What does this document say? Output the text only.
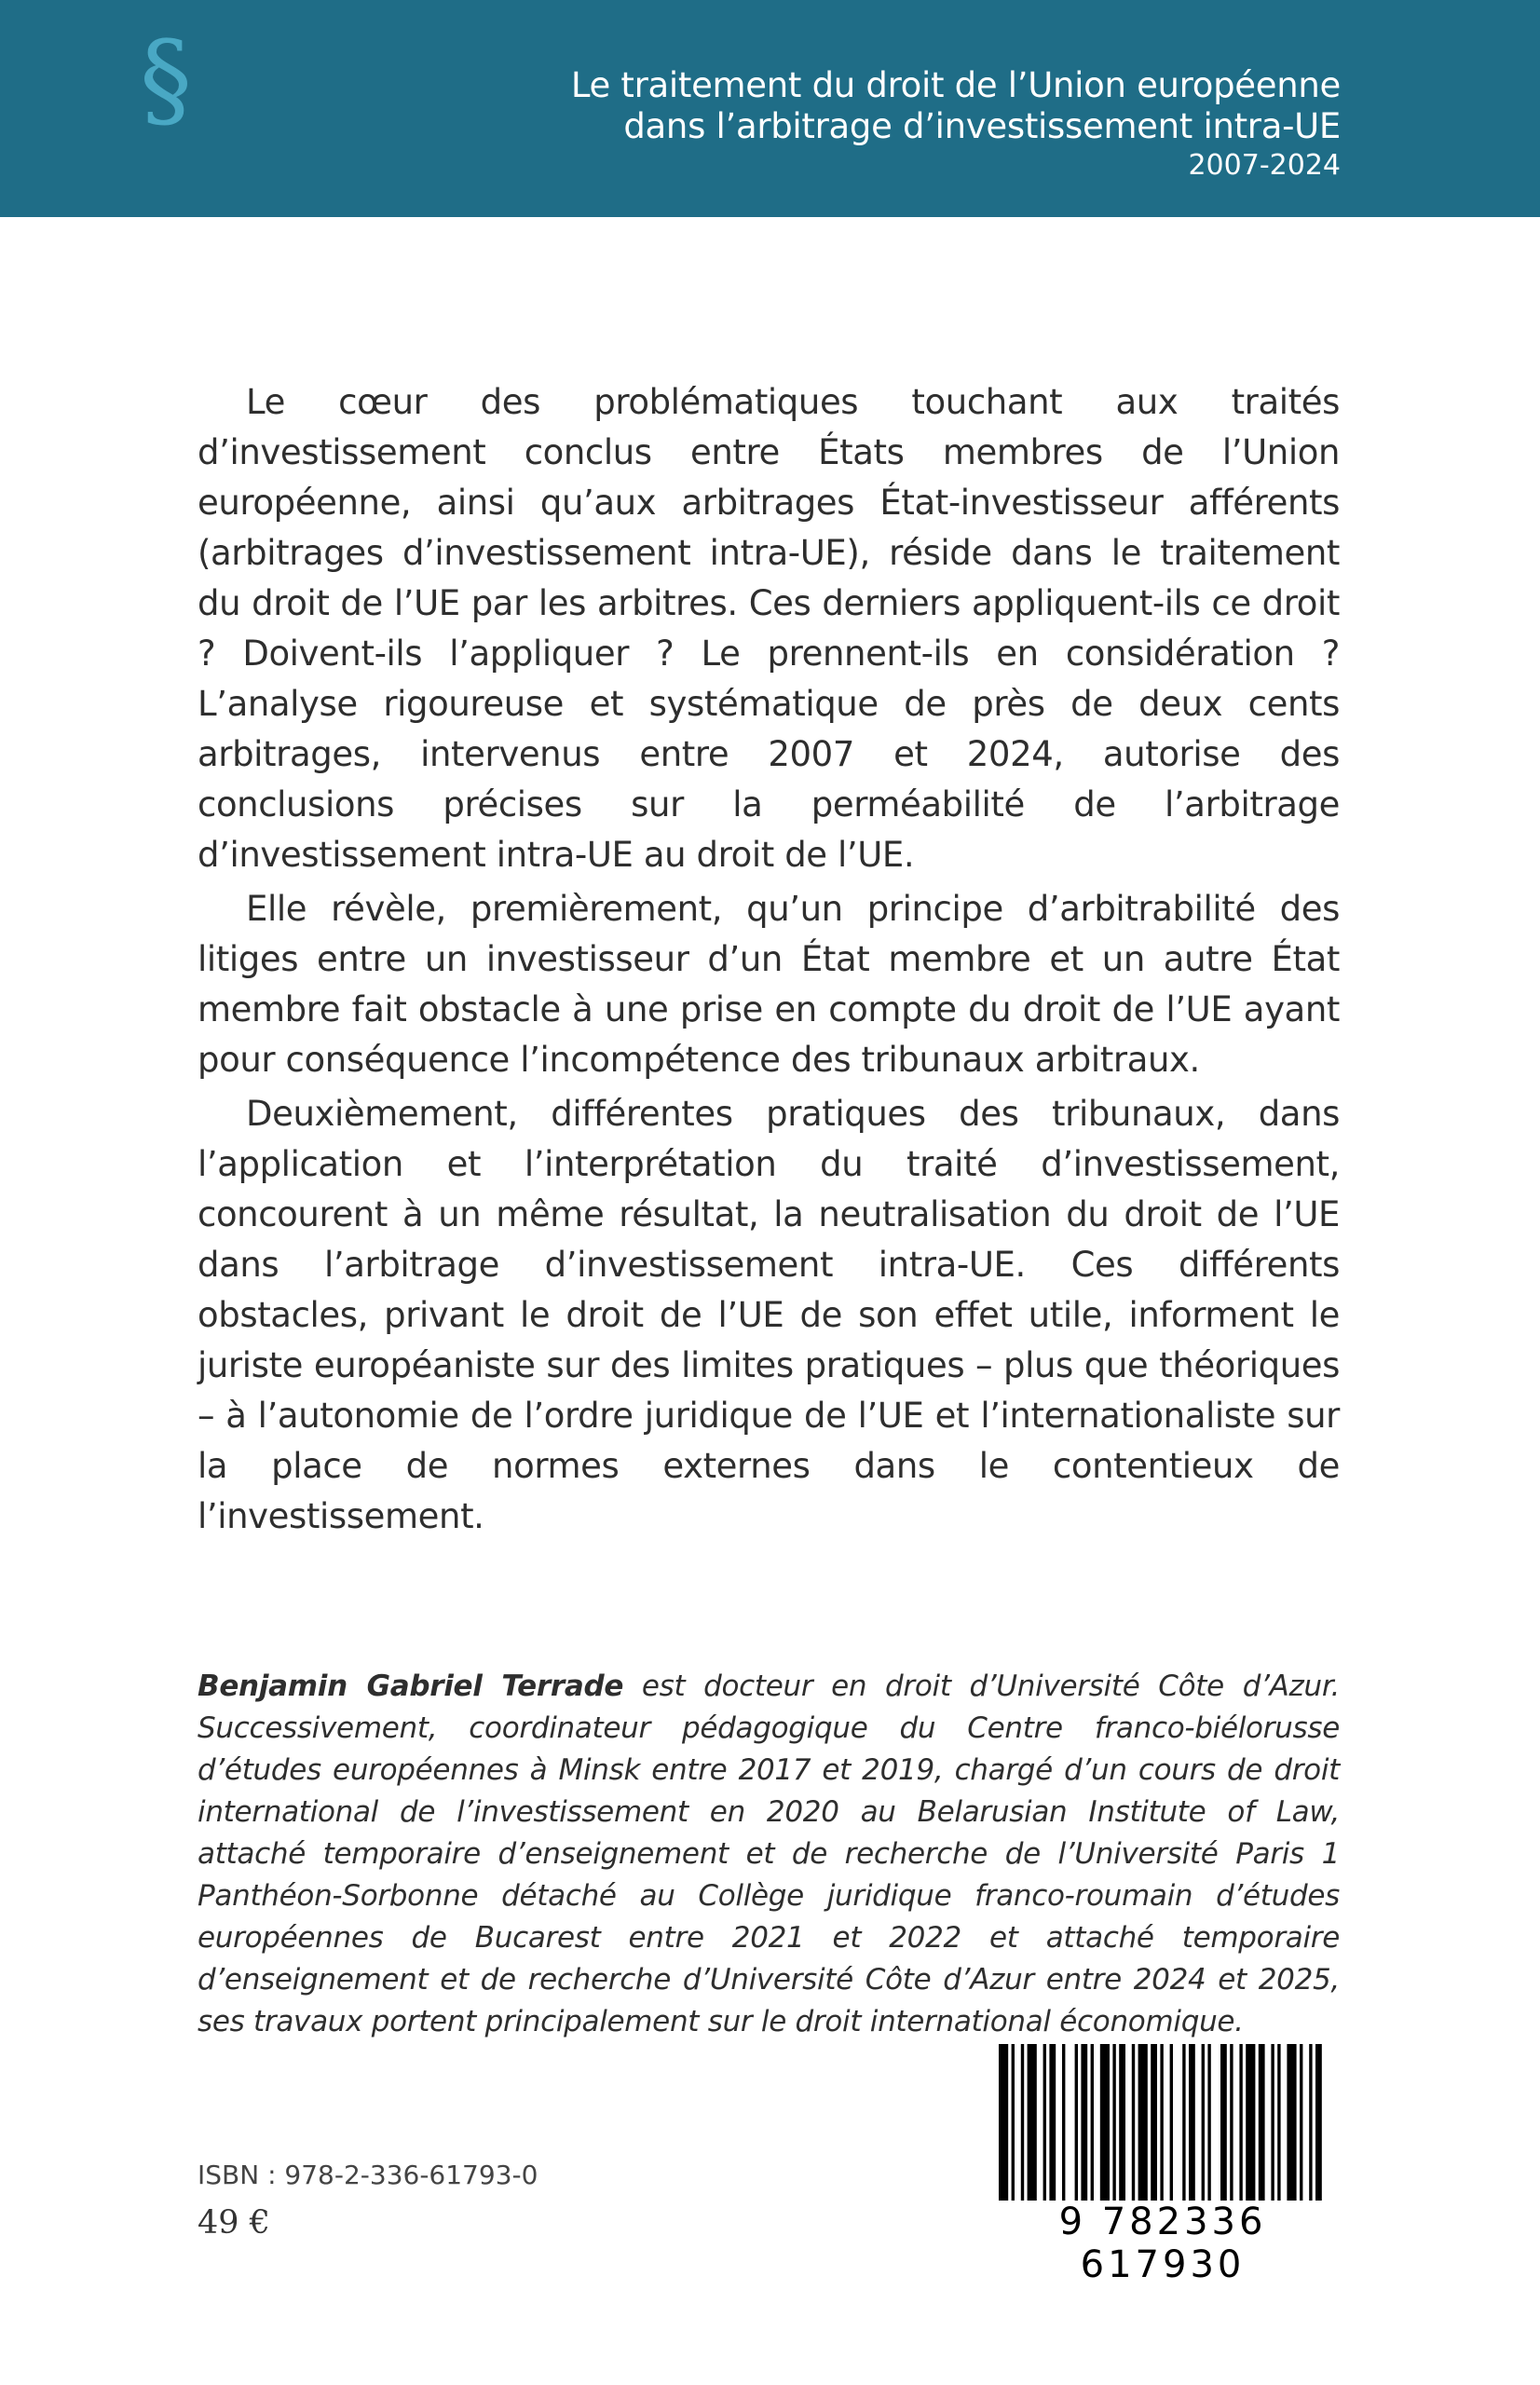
§	Le traitement du droit de l’Union européenne
dans l’arbitrage d’investissement intra-UE
2007-2024

Le cœur des problématiques touchant aux traités d’investissement conclus entre États membres de l’Union européenne, ainsi qu’aux arbitrages État-investisseur afférents (arbitrages d’investissement intra-UE), réside dans le traitement du droit de l’UE par les arbitres. Ces derniers appliquent-ils ce droit ? Doivent-ils l’appliquer ? Le prennent-ils en considération ? L’analyse rigoureuse et systématique de près de deux cents arbitrages, intervenus entre 2007 et 2024, autorise des conclusions précises sur la perméabilité de l’arbitrage d’investissement intra-UE au droit de l’UE.

Elle révèle, premièrement, qu’un principe d’arbitrabilité des litiges entre un investisseur d’un État membre et un autre État membre fait obstacle à une prise en compte du droit de l’UE ayant pour conséquence l’incompétence des tribunaux arbitraux.

Deuxièmement, différentes pratiques des tribunaux, dans l’application et l’interprétation du traité d’investissement, concourent à un même résultat, la neutralisation du droit de l’UE dans l’arbitrage d’investissement intra-UE. Ces différents obstacles, privant le droit de l’UE de son effet utile, informent le juriste européaniste sur des limites pratiques – plus que théoriques – à l’autonomie de l’ordre juridique de l’UE et l’internationaliste sur la place de normes externes dans le contentieux de l’investissement.

Benjamin Gabriel Terrade est docteur en droit d’Université Côte d’Azur. Successivement, coordinateur pédagogique du Centre franco-biélorusse d’études européennes à Minsk entre 2017 et 2019, chargé d’un cours de droit international de l’investissement en 2020 au Belarusian Institute of Law, attaché temporaire d’enseignement et de recherche de l’Université Paris 1 Panthéon-Sorbonne détaché au Collège juridique franco-roumain d’études européennes de Bucarest entre 2021 et 2022 et attaché temporaire d’enseignement et de recherche d’Université Côte d’Azur entre 2024 et 2025, ses travaux portent principalement sur le droit international économique.
ISBN : 978-2-336-61793-0
49 €	9 782336 617930
